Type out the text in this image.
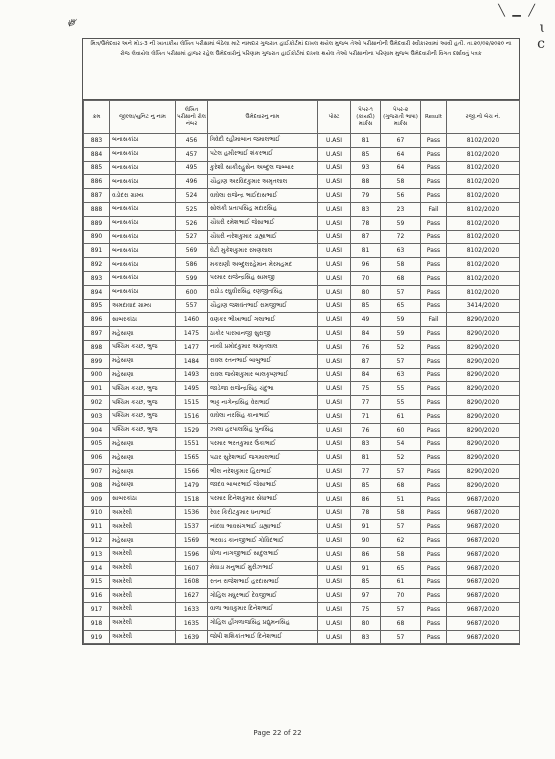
༗
╲ ▁ ╱
ɩ
c
મિત્ર/ઉમેદવાર અને મોડ-3 ની ખાતાકીય લેખિત પરીક્ષામાં બેઠેલા માટે નામદાર ગુજરાત હાઈકોર્ટમાં દાખલ થયેલ મુજબ તેઓ પરીક્ષાનોની ઉમેદવારી સ્વીકારવામાં આવી હતી. તા.૨૦/૦૨/૨૦૨૦ ના રોજ લેવાયેલ લેખિત પરીક્ષામાં હાજર રહેલ ઉમેદવારોનું પરિણામ ગુજરાત હાઈકોર્ટમાં દાખલ થયેલ તેઓ પરીક્ષાનોના પરિણામ મુજબ ઉમેદવારોની વિગત દર્શાવતું પત્રક
ક્રમ	જીલ્લા/યુનિટ નુ નામ	લેખિત પરીક્ષાનો રોલ નંબર	ઉમેદવારનુ નામ	પોસ્ટ	પેપર-૧ (કાયદો) માર્કસ	પેપર-૨ (ગુજરાતી ભાષા) માર્કસ	Result	રજી.નો બેચ નં.
883	બનાસકાંઠા	456	ત્રિવેદી રહીમાબાન જમાલભાઈ	U.ASI	81	67	Pass	8102/2020
884	બનાસકાંઠા	457	પટેલ હમીરભાઈ શંકરભાઈ	U.ASI	85	64	Pass	8102/2020
885	બનાસકાંઠા	495	કુરેશી સાકીરહુસેન અબ્દુલ જબ્બાર	U.ASI	93	64	Pass	8102/2020
886	બનાસકાંઠા	496	ચૌહાણ અરવિંદકુમાર અમૃતલાલ	U.ASI	88	58	Pass	8102/2020
887	વડોદરા ગ્રામ્ય	524	વાઘેલા રાજેન્દ્ર ભાઈદાસભાઈ	U.ASI	79	56	Pass	8102/2020
888	બનાસકાંઠા	525	સોલંકી પ્રતાપસિંહ મદારસિંહ	U.ASI	83	23	Fail	8102/2020
889	બનાસકાંઠા	526	ચૌધરી રમેશભાઈ જેસાભાઈ	U.ASI	78	59	Pass	8102/2020
890	બનાસકાંઠા	527	ચૌધરી નરેશકુમાર ડાહ્યાભાઈ	U.ASI	87	72	Pass	8102/2020
891	બનાસકાંઠા	569	ઘેટી મુકેશકુમાર રમણલાલ	U.ASI	81	63	Pass	8102/2020
892	બનાસકાંઠા	586	મકરાણી અબ્દુલરહેમાન મેરમહમદ	U.ASI	96	58	Pass	8102/2020
893	બનાસકાંઠા	599	પરમાર રાજેન્દ્રસિંહ સામજી	U.ASI	70	68	Pass	8102/2020
894	બનાસકાંઠા	600	રાઠોડ રઘુવીરસિંહ રણજીતસિંહ	U.ASI	80	57	Pass	8102/2020
895	અમદાવાદ ગ્રામ્ય	557	ચૌહાણ જશવંતભાઈ રામજીભાઈ	U.ASI	85	65	Pass	3414/2020
896	સાબરકાંઠા	1460	વણકર ભીખાભાઈ ગલાભાઈ	U.ASI	49	59	Fail	8290/2020
897	મહેસાણા	1475	ઠાકોર પારખાનજી સુરાજી	U.ASI	84	59	Pass	8290/2020
898	પશ્ચિમ કચ્છ, ભુજ	1477	નાયી પ્રમોદકુમાર અમૃતલાલ	U.ASI	76	52	Pass	8290/2020
899	મહેસાણા	1484	રાવલ રતનભાઈ બાબુભાઈ	U.ASI	87	57	Pass	8290/2020
900	મહેસાણા	1493	રાવલ જયેશકુમાર બાલકૃષ્ણભાઈ	U.ASI	84	63	Pass	8290/2020
901	પશ્ચિમ કચ્છ, ભુજ	1495	જાડેજા રાજેન્દ્રસિંહ ચંદુભા	U.ASI	75	55	Pass	8290/2020
902	પશ્ચિમ કચ્છ, ભુજ	1515	ભાટ્ટ નાગેન્દ્રસિંહ વેરાભાઈ	U.ASI	77	55	Pass	8290/2020
903	પશ્ચિમ કચ્છ, ભુજ	1516	વાઘેલા નરસિંહ કાનાભાઈ	U.ASI	71	61	Pass	8290/2020
904	પશ્ચિમ કચ્છ, ભુજ	1529	ઝાલા હરપાલસિંહ પુનસિંહ	U.ASI	76	60	Pass	8290/2020
905	મહેસાણા	1551	પરમાર ભરતકુમાર ઉકાભાઈ	U.ASI	83	54	Pass	8290/2020
906	મહેસાણા	1565	પઢાર સુરેશભાઈ જગમાલભાઈ	U.ASI	81	52	Pass	8290/2020
907	મહેસાણા	1566	ભીલ નરેશકુમાર હિરાભાઈ	U.ASI	77	57	Pass	8290/2020
908	મહેસાણા	1479	જાદવ બાબરભાઈ જેસાભાઈ	U.ASI	85	68	Pass	8290/2020
909	સાબરકાંઠા	1518	પરમાર દિનેશકુમાર સેધાભાઈ	U.ASI	86	51	Pass	9687/2020
910	અમરેલી	1536	રેવર કિરીટકુમાર ધનાભાઈ	U.ASI	78	58	Pass	9687/2020
911	અમરેલી	1537	નાંદવા ભાવસંગભાઈ ડાહ્યાભાઈ	U.ASI	91	57	Pass	9687/2020
912	મહેસાણા	1569	ભરવાડ કાનજીભાઈ ગોવિંદભાઈ	U.ASI	90	62	Pass	9687/2020
913	અમરેલી	1596	ધોળા નાગજીભાઈ સાદુલભાઈ	U.ASI	86	58	Pass	9687/2020
914	અમરેલી	1607	મેવાડા મનુભાઈ મુરીઝભાઈ	U.ASI	91	65	Pass	9687/2020
915	અમરેલી	1608	રતન રાજેશભાઈ હરદાસભાઈ	U.ASI	85	61	Pass	9687/2020
916	અમરેલી	1627	ગોહિલ મધુરભાઈ દેવજીભાઈ	U.ASI	97	70	Pass	9687/2020
917	અમરેલી	1633	વાળા ભાવકુમાર દિનેશભાઈ	U.ASI	75	57	Pass	9687/2020
918	અમરેલી	1635	ગોહિલ હીંગળાજસિંહ પ્રદ્યુમનસિંહ	U.ASI	80	68	Pass	9687/2020
919	અમરેલી	1639	જોષી શશિકાંતભાઈ દિનેશભાઈ	U.ASI	83	57	Pass	9687/2020
Page 22 of 22
